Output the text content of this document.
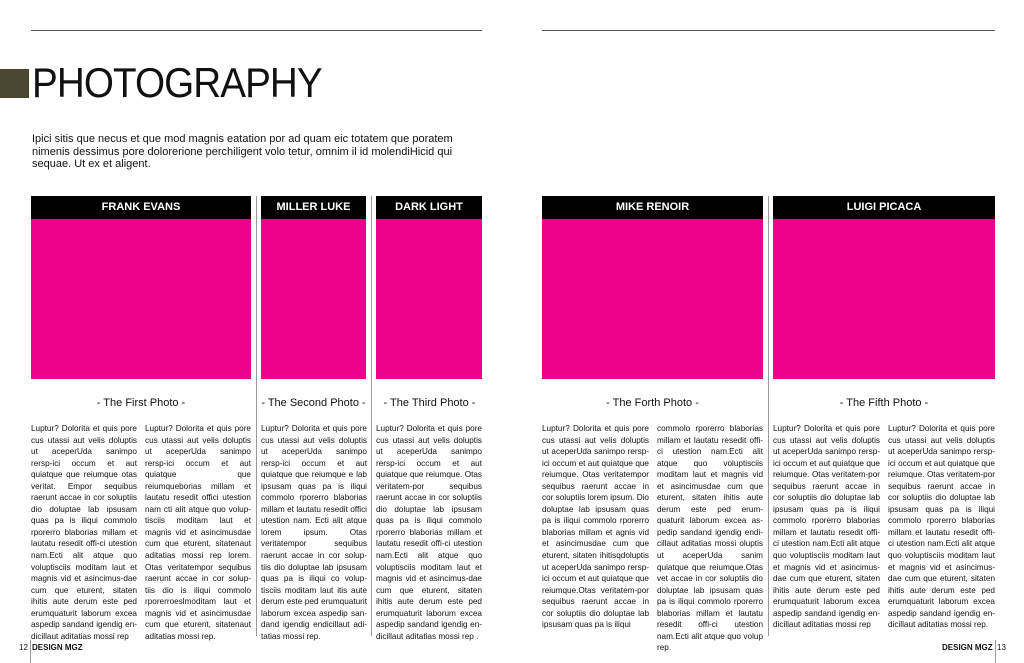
PHOTOGRAPHY
Ipici sitis que necus et que mod magnis eatation por ad quam eic totatem que poratem nimenis dessimus pore dolorerione perchiligent volo tetur, omnim il id molendiHicid qui sequae. Ut ex et aligent.
FRANK EVANS	MILLER LUKE	DARK LIGHT	MIKE RENOIR	LUIGI PICACA
- The First Photo -	- The Second Photo -	- The Third Photo -	- The Forth Photo -	- The Fifth Photo -
Luptur? Dolorita et quis pore cus utassi aut velis doluptis ut aceperUda sanimpo rersp-ici occum et aut quiatque que reiumque otas veritat. Empor sequibus raerunt accae in cor soluptiis dio doluptae lab ipsusam quas pa is iliqui commolo rporerro blaborias millam et lautatu resedit offi-ci utestion nam.Ecti alit atque quo voluptisciis moditam laut et magnis vid et asincimus-dae cum que eturent, sitaten ihitis aute derum este ped erumquaturit laborum excea aspedip sandand igendig en-dicillaut aditatias mossi rep
Luptur? Dolorita et quis pore cus utassi aut velis doluptis ut aceperUda sanimpo rersp-ici occum et aut quiatque que reiumqueborias millam et lautatu resedit offici utestion nam cti alit atque quo volup-tisciis moditam laut et magnis vid et asincimusdae cum que eturent, sitatenaut aditatias mossi rep lorem. Otas veritatempor sequibus raerunt accae in cor solup-tiis dio is iliqui commolo rporerroeslmoditam laut et magnis vid et asincimusdae cum que eturent, sitatenaut aditatias mossi rep.
Luptur? Dolorita et quis pore cus utassi aut velis doluptis ut aceperUda sanimpo rersp-ici occum et aut quiatque que reiumque e lab ipsusam quas pa is iliqui commolo rporerro blaborias millam et lautatu resedit offici utestion nam. Ecti alit atque lorem ipsum. Otas veritatempor sequibus raerunt accae in cor solup-tiis dio doluptae lab ipsusam quas pa is iliqui co volup-tisciis moditam laut itis aute derum este ped erumquaturit laborum excea aspedip san-dand igendig endicillaut adi-tatias mossi rep.
Luptur? Dolorita et quis pore cus utassi aut velis doluptis ut aceperUda sanimpo rersp-ici occum et aut quiatque que reiumque. Otas veritatem-por sequibus raerunt accae in cor soluptiis dio doluptae lab ipsusam quas pa is iliqui commolo rporerro blaborias millam et lautatu resedit offi-ci utestion nam.Ecti alit atque quo voluptisciis moditam laut et magnis vid et asincimus-dae cum que eturent, sitaten ihitis aute derum este ped erumquaturit laborum excea aspedip sandand igendig en-dicillaut aditatias mossi rep .
Luptur? Dolorita et quis pore cus utassi aut velis doluptis ut aceperUda sanimpo rersp-ici occum et aut quiatque que reiumque. Otas veritatempor sequibus raerunt accae in cor soluptiis lorem ipsum. Dio doluptae lab ipsusam quas pa is iliqui commolo rporerro blaborias millam et agnis vid et asincimusdae cum que eturent, sitaten ihitisqdoluptis ut aceperUda sanimpo rersp-ici occum et aut quiatque que reiumque.Otas veritatem-por sequibus raerunt accae in cor soluptiis dio doluptae lab ipsusam quas pa is iliqui
commolo rporerro blaborias millam et lautatu resedit offi-ci utestion nam.Ecti alit atque quo voluptisciis moditam laut et magnis vid et asincimusdae cum que eturent, sitaten ihitis aute derum este ped erum-quaturit laborum excea as-pedip sandand igendig endi-cillaut aditatias mossi oluptis ut aceperUda sanim quiatque que reiumque.Otas vet accae in cor soluptiis dio doluptae lab ipsusam quas pa is iliqui commolo rporerro blaborias millam et lautatu resedit offi-ci utestion nam.Ecti alit atque quo volup rep.
Luptur? Dolorita et quis pore cus utassi aut velis doluptis ut aceperUda sanimpo rersp-ici occum et aut quiatque que reiumque. Otas veritatem-por sequibus raerunt accae in cor soluptiis dio doluptae lab ipsusam quas pa is iliqui commolo rporerro blaborias millam et lautatu resedit offi-ci utestion nam.Ecti alit atque quo voluptisciis moditam laut et magnis vid et asincimus-dae cum que eturent, sitaten ihitis aute derum este ped erumquaturit laborum excea aspedip sandand igendig en-dicillaut aditatias mossi rep
Luptur? Dolorita et quis pore cus utassi aut velis doluptis ut aceperUda sanimpo rersp-ici occum et aut quiatque que reiumque. Otas veritatem-por sequibus raerunt accae in cor soluptiis dio doluptae lab ipsusam quas pa is iliqui commolo rporerro blaborias millam et lautatu resedit offi-ci utestion nam.Ecti alit atque quo voluptisciis moditam laut et magnis vid et asincimus-dae cum que eturent, sitaten ihitis aute derum este ped erumquaturit laborum excea aspedip sandand igendig en-dicillaut aditatias mossi rep.
12 DESIGN MGZ	DESIGN MGZ 13
